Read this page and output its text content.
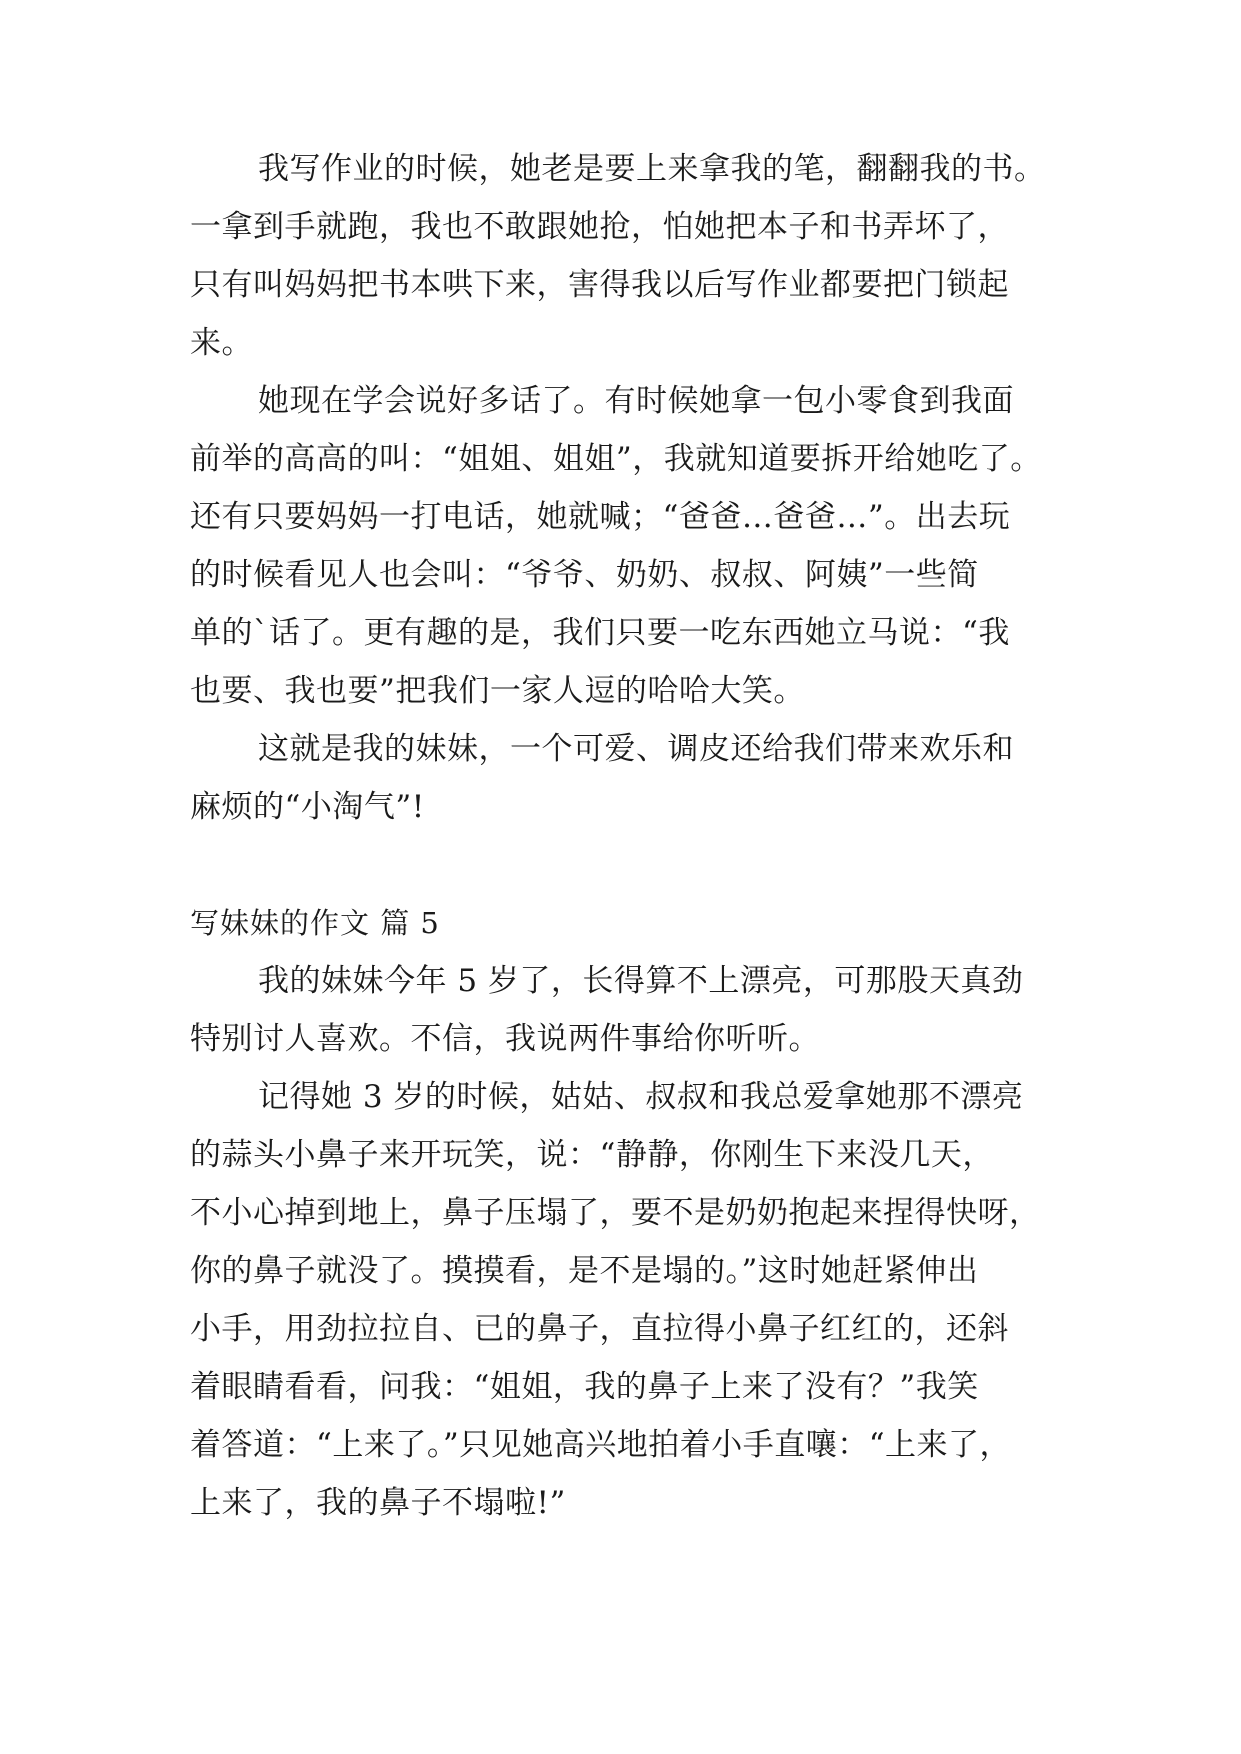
我写作业的时候，她老是要上来拿我的笔，翻翻我的书。
一拿到手就跑，我也不敢跟她抢，怕她把本子和书弄坏了，
只有叫妈妈把书本哄下来，害得我以后写作业都要把门锁起
来。
她现在学会说好多话了。有时候她拿一包小零食到我面
前举的高高的叫：“姐姐、姐姐”，我就知道要拆开给她吃了。
还有只要妈妈一打电话，她就喊；“爸爸…爸爸…”。出去玩
的时候看见人也会叫：“爷爷、奶奶、叔叔、阿姨”一些简
单的`话了。更有趣的是，我们只要一吃东西她立马说：“我
也要、我也要”把我们一家人逗的哈哈大笑。
这就是我的妹妹，一个可爱、调皮还给我们带来欢乐和
麻烦的“小淘气”!
写妹妹的作文 篇 5
我的妹妹今年 5 岁了，长得算不上漂亮，可那股天真劲
特别讨人喜欢。不信，我说两件事给你听听。
记得她 3 岁的时候，姑姑、叔叔和我总爱拿她那不漂亮
的蒜头小鼻子来开玩笑，说：“静静，你刚生下来没几天，
不小心掉到地上，鼻子压塌了，要不是奶奶抱起来捏得快呀，
你的鼻子就没了。摸摸看，是不是塌的。”这时她赶紧伸出
小手，用劲拉拉自、已的鼻子，直拉得小鼻子红红的，还斜
着眼睛看看，问我：“姐姐，我的鼻子上来了没有？”我笑
着答道：“上来了。”只见她高兴地拍着小手直嚷：“上来了，
上来了，我的鼻子不塌啦!”
